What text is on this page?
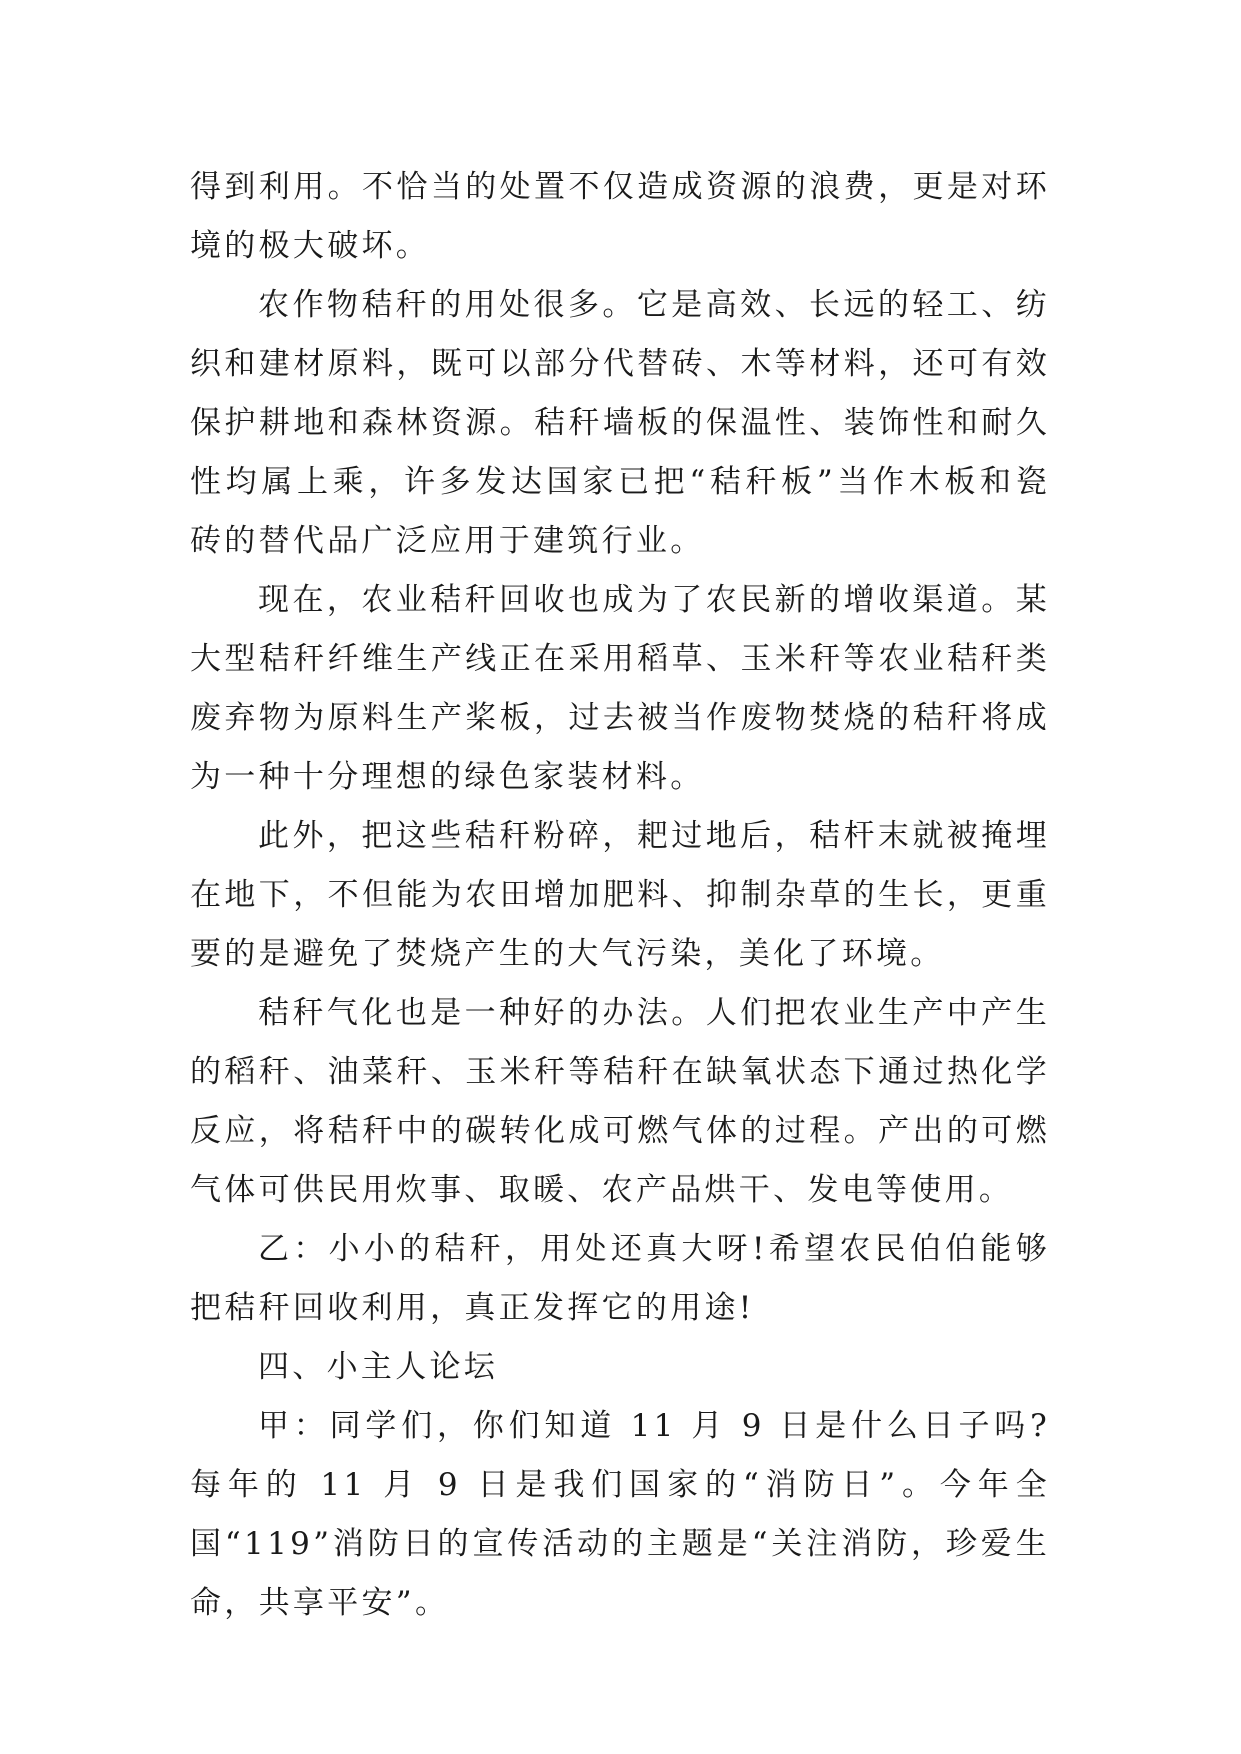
得到利用。不恰当的处置不仅造成资源的浪费，更是对环境的极大破坏。

农作物秸秆的用处很多。它是高效、长远的轻工、纺织和建材原料，既可以部分代替砖、木等材料，还可有效保护耕地和森林资源。秸秆墙板的保温性、装饰性和耐久性均属上乘，许多发达国家已把“秸秆板”当作木板和瓷砖的替代品广泛应用于建筑行业。

现在，农业秸秆回收也成为了农民新的增收渠道。某大型秸秆纤维生产线正在采用稻草、玉米秆等农业秸秆类废弃物为原料生产桨板，过去被当作废物焚烧的秸秆将成为一种十分理想的绿色家装材料。

此外，把这些秸秆粉碎，耙过地后，秸杆末就被掩埋在地下，不但能为农田增加肥料、抑制杂草的生长，更重要的是避免了焚烧产生的大气污染，美化了环境。

秸秆气化也是一种好的办法。人们把农业生产中产生的稻秆、油菜秆、玉米秆等秸秆在缺氧状态下通过热化学反应，将秸秆中的碳转化成可燃气体的过程。产出的可燃气体可供民用炊事、取暖、农产品烘干、发电等使用。

乙：小小的秸秆，用处还真大呀!希望农民伯伯能够把秸秆回收利用，真正发挥它的用途!

四、小主人论坛

甲：同学们，你们知道 11 月 9 日是什么日子吗?每年的 11 月 9 日是我们国家的“消防日”。今年全国“119”消防日的宣传活动的主题是“关注消防，珍爱生命，共享平安”。
